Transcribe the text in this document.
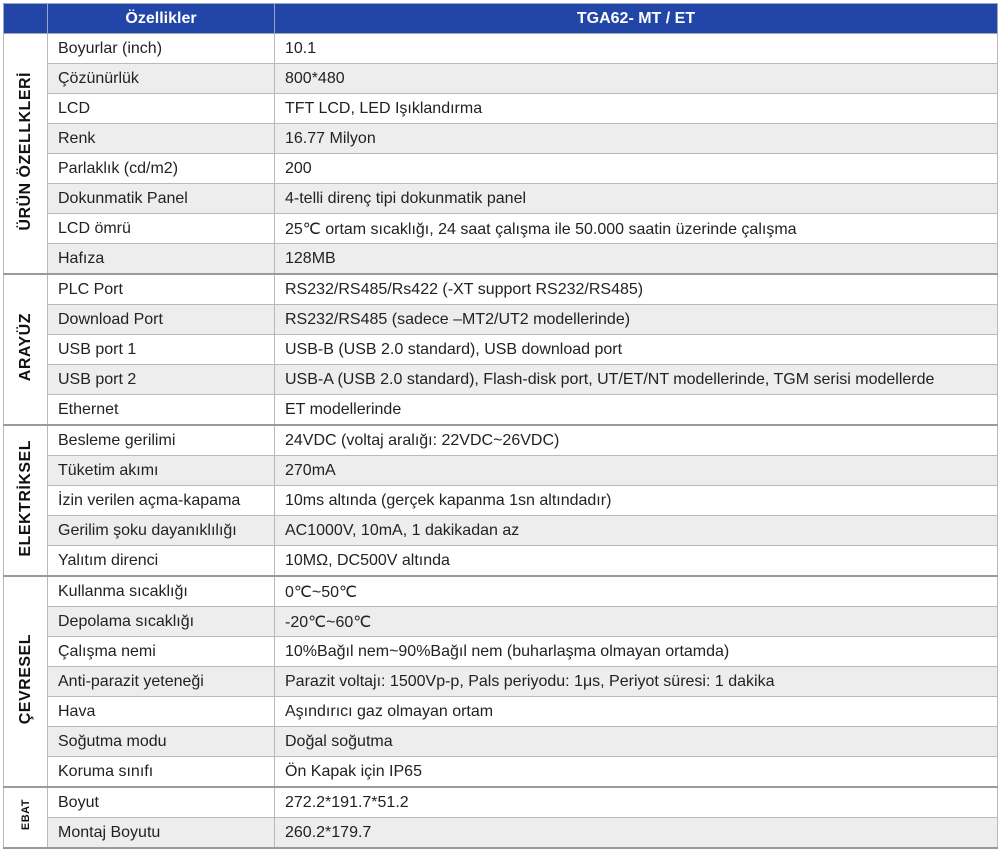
	Özellikler	TGA62- MT / ET
ÜRÜN ÖZELLKLERİ	Boyurlar (inch)	10.1
	Çözünürlük	800*480
	LCD	TFT LCD, LED Işıklandırma
	Renk	16.77 Milyon
	Parlaklık (cd/m2)	200
	Dokunmatik Panel	4-telli direnç tipi dokunmatik panel
	LCD ömrü	25℃ ortam sıcaklığı, 24 saat çalışma ile 50.000 saatin üzerinde çalışma
	Hafıza	128MB
ARAYÜZ	PLC Port	RS232/RS485/Rs422 (-XT support RS232/RS485)
	Download Port	RS232/RS485 (sadece –MT2/UT2 modellerinde)
	USB port 1	USB-B (USB 2.0 standard), USB download port
	USB port 2	USB-A (USB 2.0 standard), Flash-disk port, UT/ET/NT modellerinde, TGM serisi modellerde
	Ethernet	ET modellerinde
ELEKTRİKSEL	Besleme gerilimi	24VDC (voltaj aralığı: 22VDC~26VDC)
	Tüketim akımı	270mA
	İzin verilen açma-kapama	10ms altında (gerçek kapanma 1sn altındadır)
	Gerilim şoku dayanıklılığı	AC1000V, 10mA, 1 dakikadan az
	Yalıtım direnci	10MΩ, DC500V altında
ÇEVRESEL	Kullanma sıcaklığı	0℃~50℃
	Depolama sıcaklığı	-20℃~60℃
	Çalışma nemi	10%Bağıl nem~90%Bağıl nem (buharlaşma olmayan ortamda)
	Anti-parazit yeteneği	Parazit voltajı: 1500Vp-p, Pals periyodu: 1μs, Periyot süresi: 1 dakika
	Hava	Aşındırıcı gaz olmayan ortam
	Soğutma modu	Doğal soğutma
	Koruma sınıfı	Ön Kapak için IP65
EBAT	Boyut	272.2*191.7*51.2
	Montaj Boyutu	260.2*179.7
